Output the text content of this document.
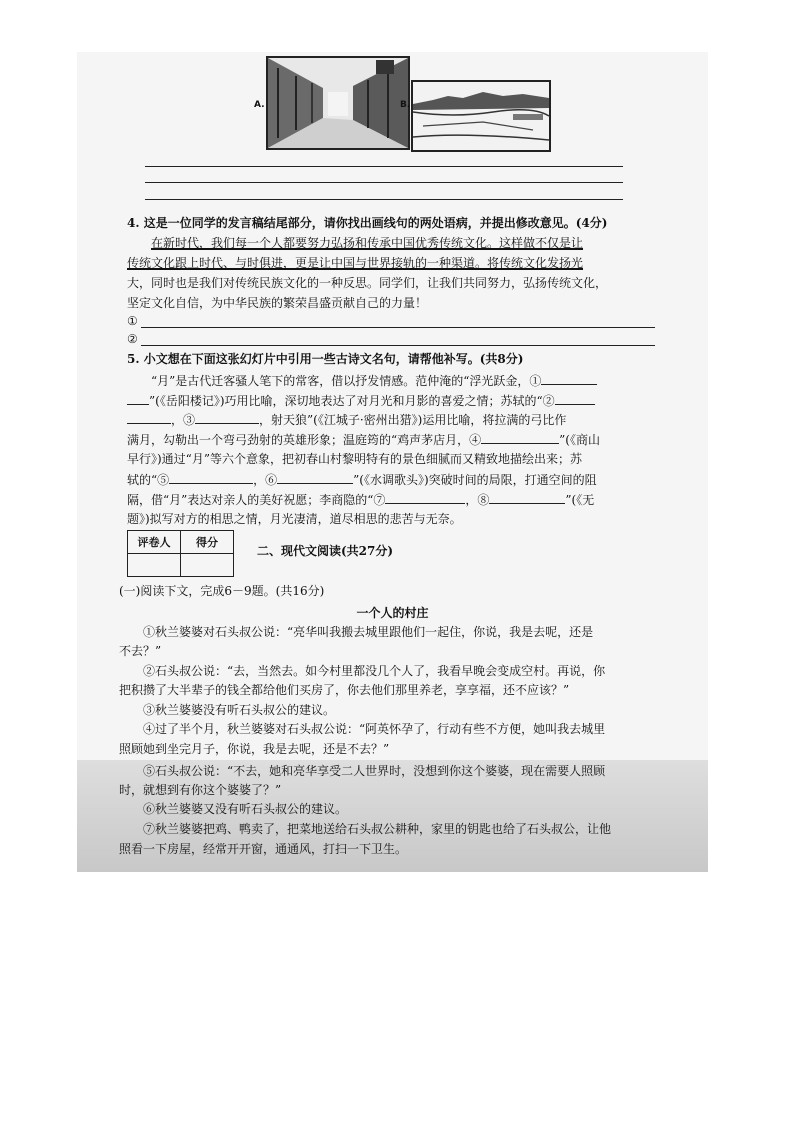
A.	B.
4. 这是一位同学的发言稿结尾部分，请你找出画线句的两处语病，并提出修改意见。(4分)
在新时代，我们每一个人都要努力弘扬和传承中国优秀传统文化。这样做不仅是让
传统文化跟上时代、与时俱进，更是让中国与世界接轨的一种渠道。将传统文化发扬光
大，同时也是我们对传统民族文化的一种反思。同学们，让我们共同努力，弘扬传统文化，
坚定文化自信，为中华民族的繁荣昌盛贡献自己的力量！
①
②
5. 小文想在下面这张幻灯片中引用一些古诗文名句，请帮他补写。(共8分)
“月”是古代迁客骚人笔下的常客，借以抒发情感。范仲淹的“浮光跃金，①
”(《岳阳楼记》)巧用比喻，深切地表达了对月光和月影的喜爱之情；苏轼的“②
，③	，射天狼”(《江城子·密州出猎》)运用比喻，将拉满的弓比作
满月，勾勒出一个弯弓劲射的英雄形象；温庭筠的“鸡声茅店月，④	”(《商山
早行》)通过“月”等六个意象，把初春山村黎明特有的景色细腻而又精致地描绘出来；苏
轼的“⑤	，⑥	”(《水调歌头》)突破时间的局限，打通空间的阻
隔，借“月”表达对亲人的美好祝愿；李商隐的“⑦	，⑧	”(《无
题》)拟写对方的相思之情，月光凄清，道尽相思的悲苦与无奈。
评卷人	得分

二、现代文阅读(共27分)
(一)阅读下文，完成6－9题。(共16分)
一个人的村庄
①秋兰婆婆对石头叔公说：“亮华叫我搬去城里跟他们一起住，你说，我是去呢，还是
不去？”
②石头叔公说：“去，当然去。如今村里都没几个人了，我看早晚会变成空村。再说，你
把积攒了大半辈子的钱全都给他们买房了，你去他们那里养老，享享福，还不应该？”
③秋兰婆婆没有听石头叔公的建议。
④过了半个月，秋兰婆婆对石头叔公说：“阿英怀孕了，行动有些不方便，她叫我去城里
照顾她到坐完月子，你说，我是去呢，还是不去？”
⑤石头叔公说：“不去，她和亮华享受二人世界时，没想到你这个婆婆，现在需要人照顾
时，就想到有你这个婆婆了？”
⑥秋兰婆婆又没有听石头叔公的建议。
⑦秋兰婆婆把鸡、鸭卖了，把菜地送给石头叔公耕种，家里的钥匙也给了石头叔公，让他
照看一下房屋，经常开开窗，通通风，打扫一下卫生。
